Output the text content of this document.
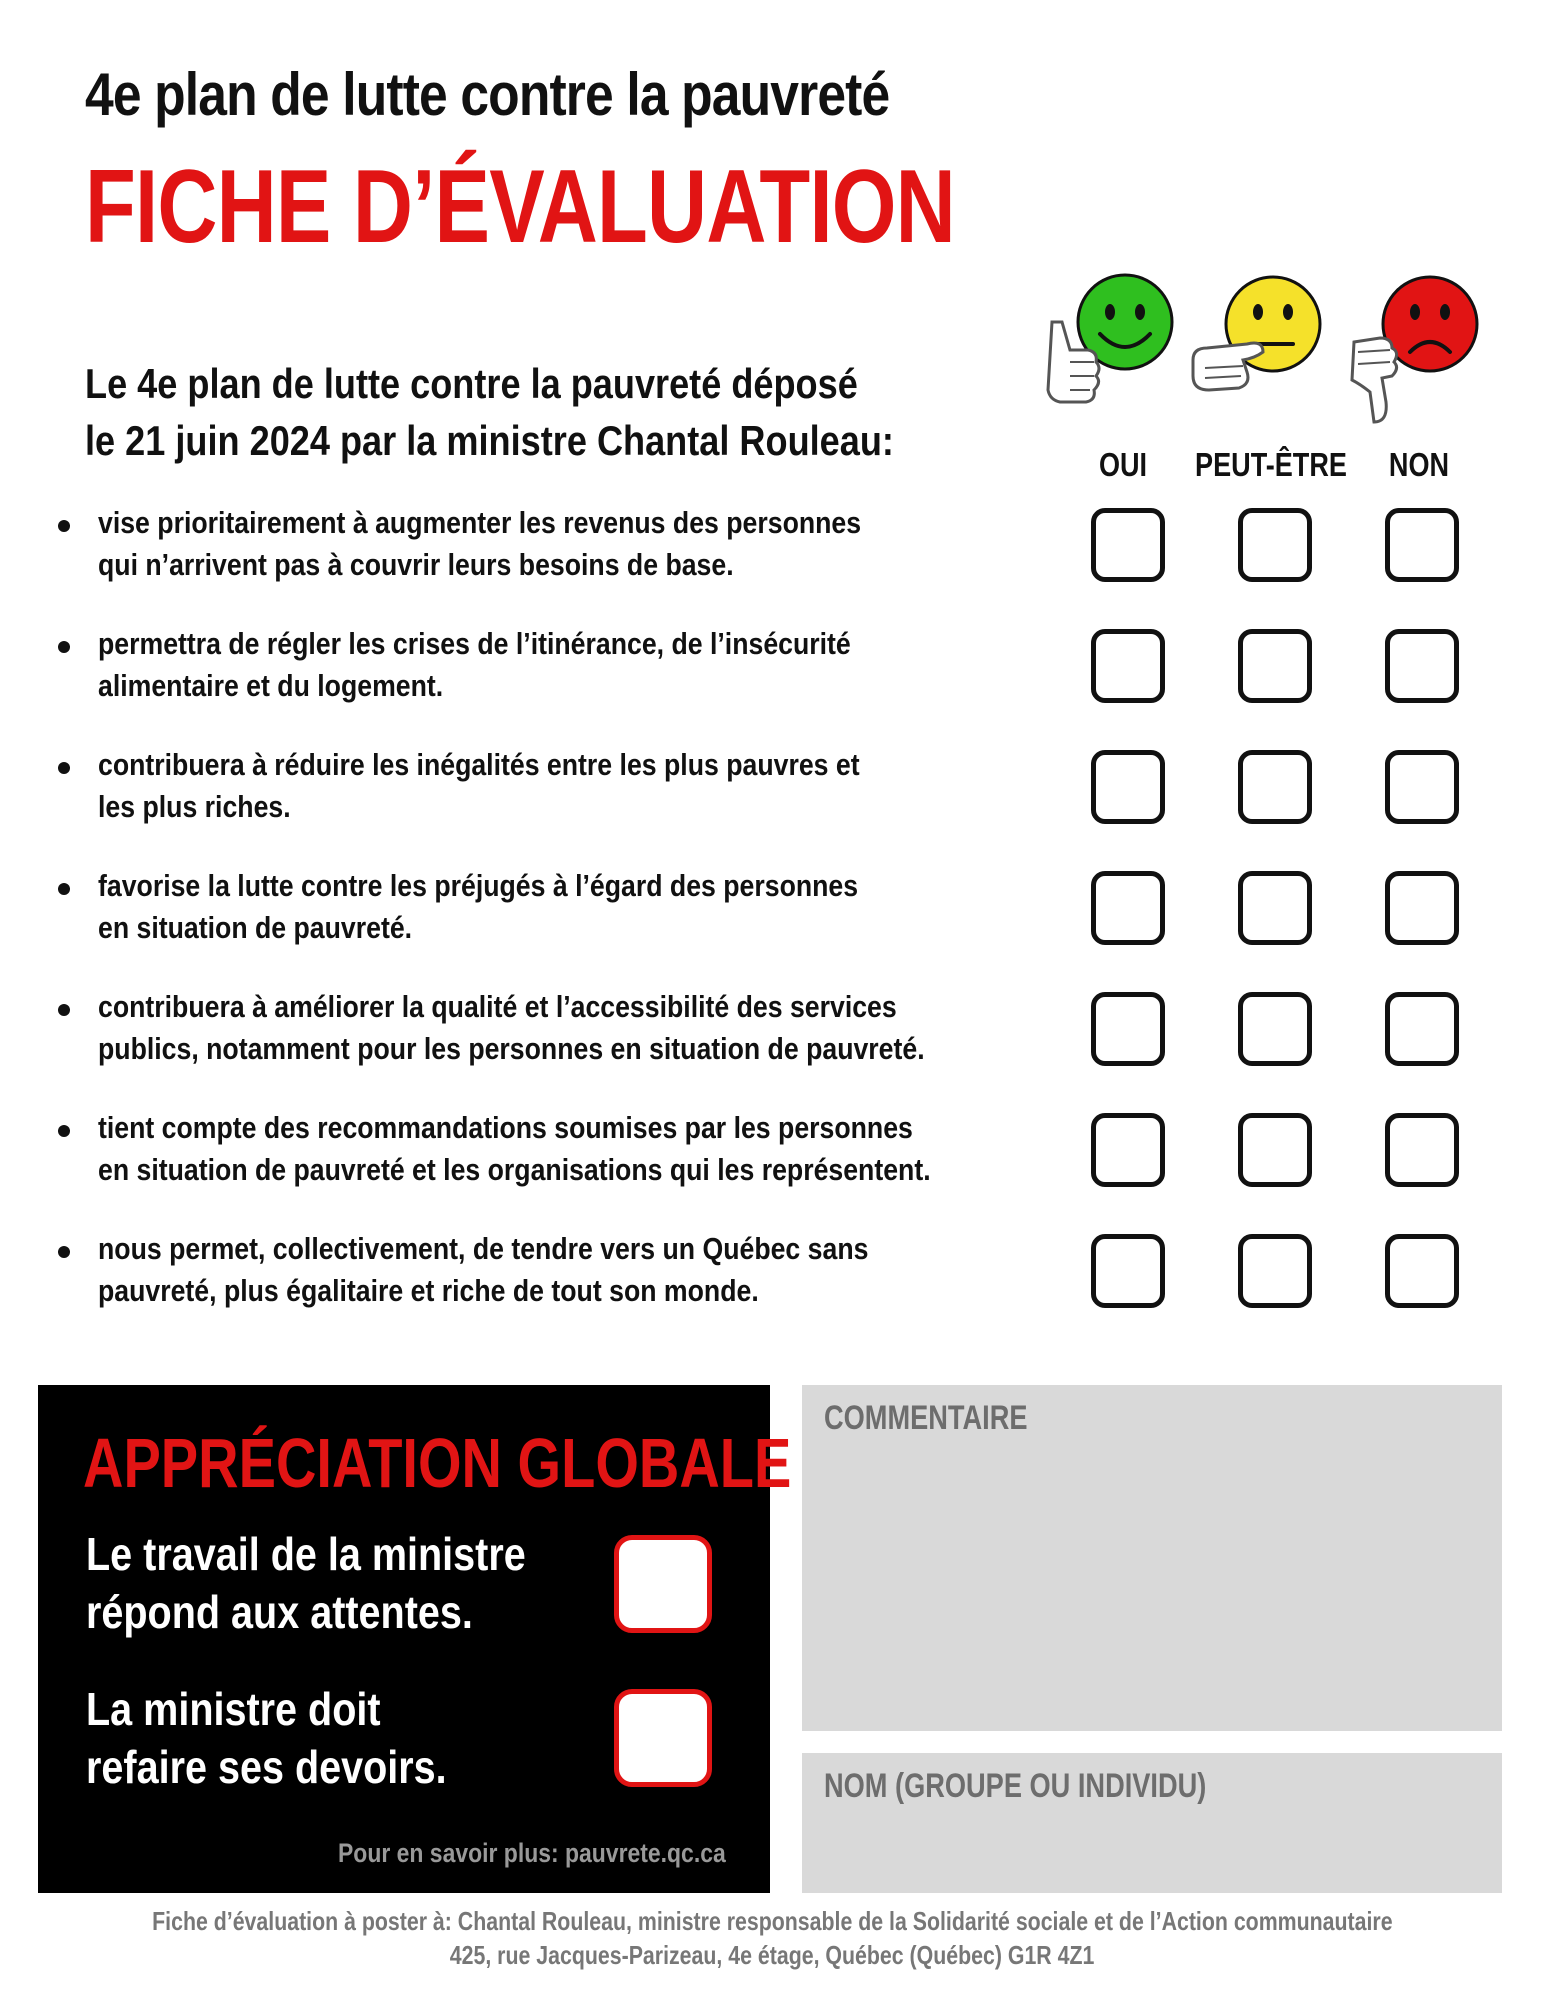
4e plan de lutte contre la pauvreté
FICHE D’ÉVALUATION
Le 4e plan de lutte contre la pauvreté déposé
le 21 juin 2024 par la ministre Chantal Rouleau:
OUI	PEUT-ÊTRE	NON
vise prioritairement à augmenter les revenus des personnes
qui n’arrivent pas à couvrir leurs besoins de base.
permettra de régler les crises de l’itinérance, de l’insécurité
alimentaire et du logement.
contribuera à réduire les inégalités entre les plus pauvres et
les plus riches.
favorise la lutte contre les préjugés à l’égard des personnes
en situation de pauvreté.
contribuera à améliorer la qualité et l’accessibilité des services
publics, notamment pour les personnes en situation de pauvreté.
tient compte des recommandations soumises par les personnes
en situation de pauvreté et les organisations qui les représentent.
nous permet, collectivement, de tendre vers un Québec sans
pauvreté, plus égalitaire et riche de tout son monde.
APPRÉCIATION GLOBALE
Le travail de la ministre
répond aux attentes.
La ministre doit
refaire ses devoirs.
Pour en savoir plus: pauvrete.qc.ca
COMMENTAIRE
NOM (GROUPE OU INDIVIDU)
Fiche d’évaluation à poster à: Chantal Rouleau, ministre responsable de la Solidarité sociale et de l’Action communautaire
425, rue Jacques-Parizeau, 4e étage, Québec (Québec) G1R 4Z1
